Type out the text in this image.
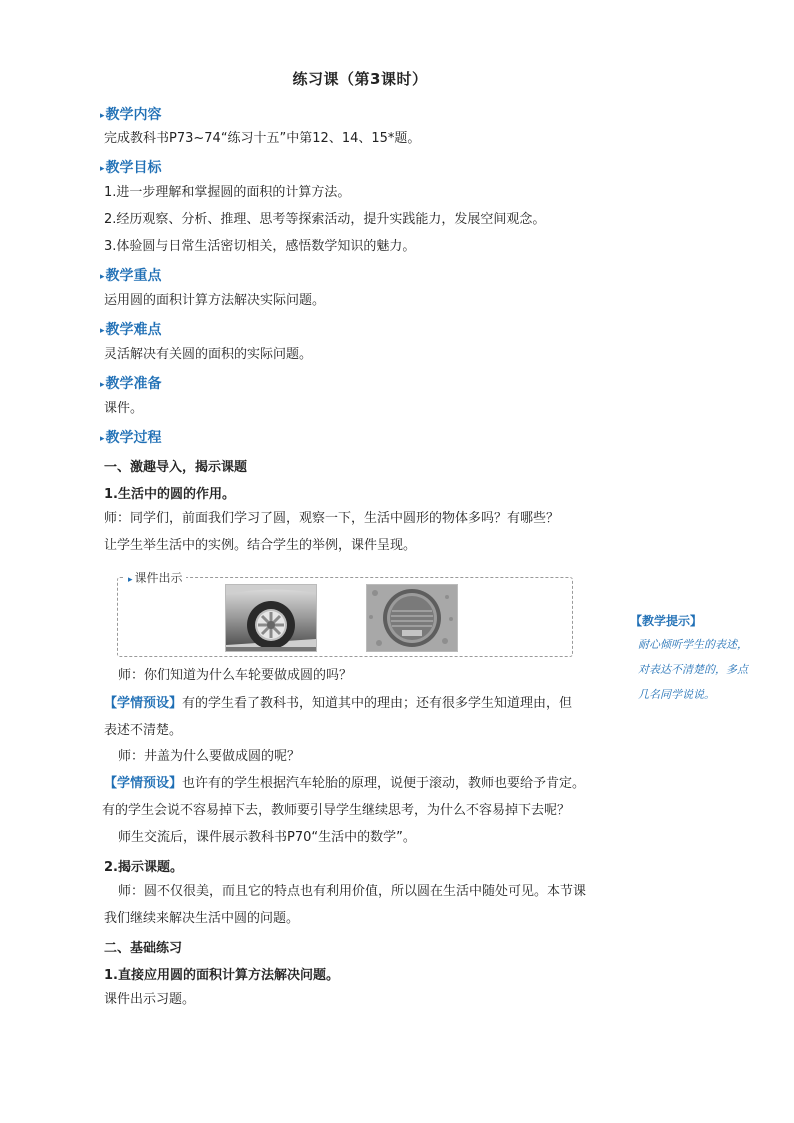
练习课（第3课时）
▸教学内容
完成教科书P73~74“练习十五”中第12、14、15*题。
▸教学目标
1.进一步理解和掌握圆的面积的计算方法。
2.经历观察、分析、推理、思考等探索活动，提升实践能力，发展空间观念。
3.体验圆与日常生活密切相关，感悟数学知识的魅力。
▸教学重点
运用圆的面积计算方法解决实际问题。
▸教学难点
灵活解决有关圆的面积的实际问题。
▸教学准备
课件。
▸教学过程
一、激趣导入，揭示课题
1.生活中的圆的作用。
师：同学们，前面我们学习了圆，观察一下，生活中圆形的物体多吗？有哪些？
让学生举生活中的实例。结合学生的举例，课件呈现。
▸ 课件出示
师：你们知道为什么车轮要做成圆的吗？
【学情预设】有的学生看了教科书，知道其中的理由；还有很多学生知道理由，但
表述不清楚。
师：井盖为什么要做成圆的呢？
【学情预设】也许有的学生根据汽车轮胎的原理，说便于滚动，教师也要给予肯定。
有的学生会说不容易掉下去，教师要引导学生继续思考，为什么不容易掉下去呢？
师生交流后，课件展示教科书P70“生活中的数学”。
2.揭示课题。
师：圆不仅很美，而且它的特点也有利用价值，所以圆在生活中随处可见。本节课
我们继续来解决生活中圆的问题。
二、基础练习
1.直接应用圆的面积计算方法解决问题。
课件出示习题。
【教学提示】
耐心倾听学生的表述，对表达不清楚的，多点几名同学说说。
